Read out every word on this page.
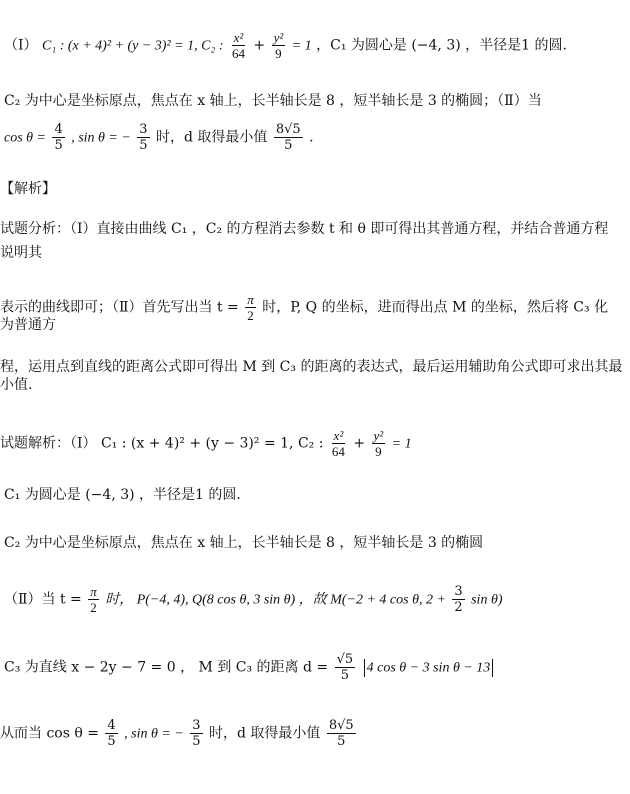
（Ⅰ） C₁ : (x + 4)² + (y − 3)² = 1, C₂ : $\frac{\text{x²}}{64} + \frac{\text{y²}}{9} = 1$ ，C₁ 为圆心是 (−4, 3) ，半径是1 的圆.
C₂ 为中心是坐标原点，焦点在 x 轴上，长半轴长是 8 ，短半轴长是 3 的椭圆；（Ⅱ）当
$\cos \theta = \frac{4}{5}$ , sin θ = − $\frac{3}{5}$ 时，d 取得最小值 $\frac{8√5}{5}$ .
【解析】
试题分析：（Ⅰ）直接由曲线 C₁ ，C₂ 的方程消去参数 t 和 θ 即可得出其普通方程，并结合普通方程
说明其
表示的曲线即可；（Ⅱ）首先写出当 $t = \frac{\pi}{2}$ 时，P, Q 的坐标，进而得出点 M 的坐标，然后将 C₃ 化
为普通方
程，运用点到直线的距离公式即可得出 M 到 C₃ 的距离的表达式，最后运用辅助角公式即可求出其最
小值.
试题解析：（Ⅰ） C₁ : (x + 4)² + (y − 3)² = 1, C₂ : $\frac{\text{x²}}{64} + \frac{\text{y²}}{9} = 1$
C₁ 为圆心是 (−4, 3) ，半径是1 的圆.
C₂ 为中心是坐标原点，焦点在 x 轴上，长半轴长是 8 ，短半轴长是 3 的椭圆
（Ⅱ）当 $t = \frac{\pi}{2}$ 时， P(−4, 4), Q(8 cos θ, 3 sin θ) ，故 M(−2 + 4 cos θ, $2 + \frac{3}{2}$ sin θ)
C₃ 为直线 x − 2y − 7 = 0 ， M 到 C₃ 的距离 $d = \frac{√5}{5} 4$ cos θ − 3 sin θ − 13
从而当 $\cos \theta = \frac{4}{5}$ , sin θ = − $\frac{3}{5}$ 时，d 取得最小值 $\frac{8√5}{5}$
